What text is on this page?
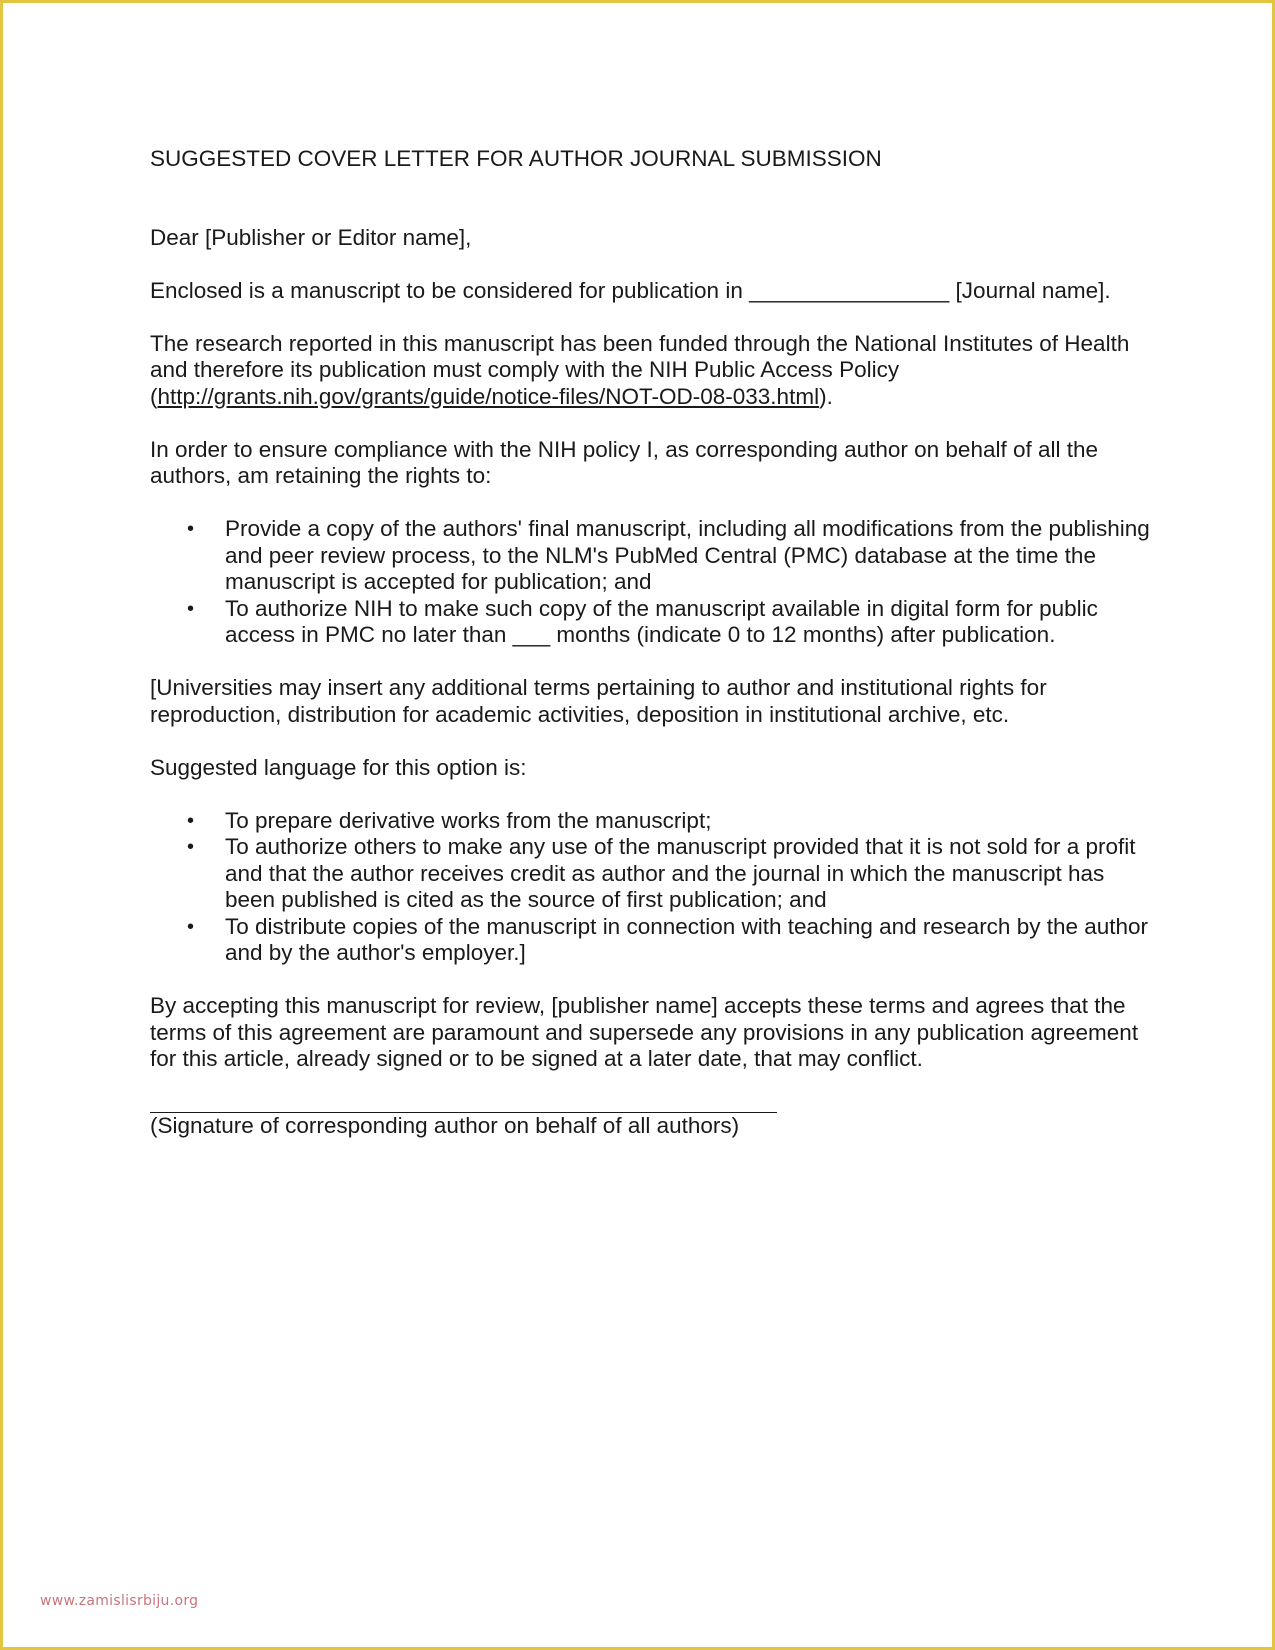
SUGGESTED COVER LETTER FOR AUTHOR JOURNAL SUBMISSION
Dear [Publisher or Editor name],
Enclosed is a manuscript to be considered for publication in ________________ [Journal name].
The research reported in this manuscript has been funded through the National Institutes of Health and therefore its publication must comply with the NIH Public Access Policy (http://grants.nih.gov/grants/guide/notice-files/NOT-OD-08-033.html).
In order to ensure compliance with the NIH policy I, as corresponding author on behalf of all the authors, am retaining the rights to:
• Provide a copy of the authors' final manuscript, including all modifications from the publishing and peer review process, to the NLM's PubMed Central (PMC) database at the time the manuscript is accepted for publication; and
• To authorize NIH to make such copy of the manuscript available in digital form for public access in PMC no later than ___ months (indicate 0 to 12 months) after publication.
[Universities may insert any additional terms pertaining to author and institutional rights for reproduction, distribution for academic activities, deposition in institutional archive, etc.
Suggested language for this option is:
• To prepare derivative works from the manuscript;
• To authorize others to make any use of the manuscript provided that it is not sold for a profit and that the author receives credit as author and the journal in which the manuscript has been published is cited as the source of first publication; and
• To distribute copies of the manuscript in connection with teaching and research by the author and by the author's employer.]
By accepting this manuscript for review, [publisher name] accepts these terms and agrees that the terms of this agreement are paramount and supersede any provisions in any publication agreement for this article, already signed or to be signed at a later date, that may conflict.
(Signature of corresponding author on behalf of all authors)
www.zamislisrbiju.org
